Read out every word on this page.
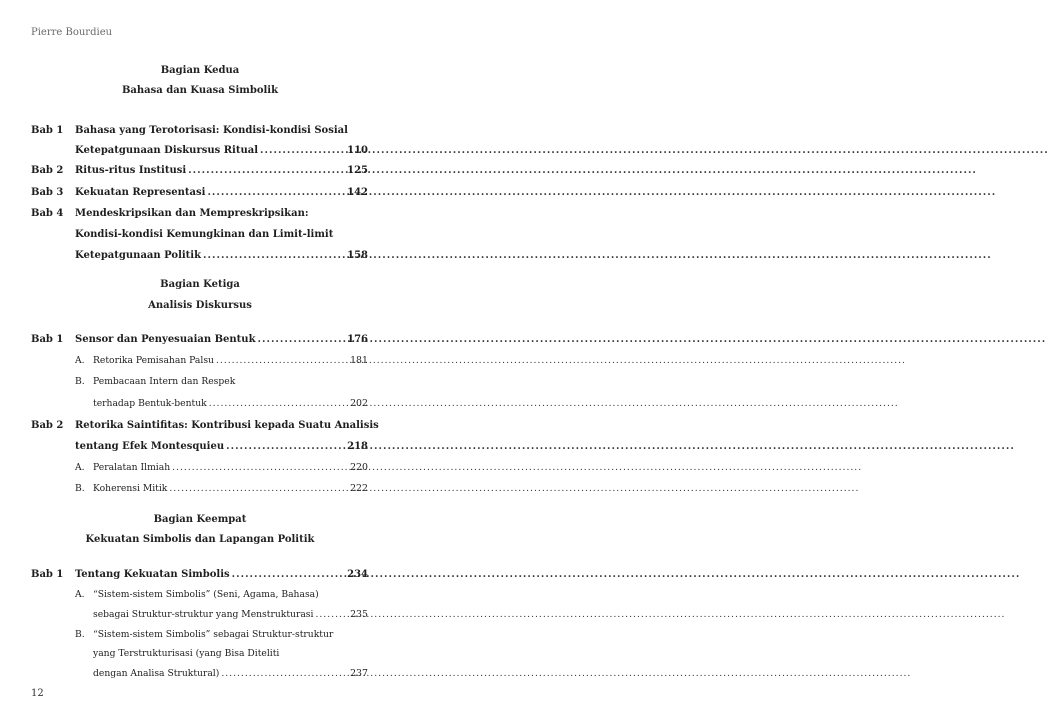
Pierre Bourdieu
Bagian Kedua
Bahasa dan Kuasa Simbolik
Bab 1	Bahasa yang Terotorisasi: Kondisi-kondisi Sosial
Ketepatgunaan Diskursus Ritual .....	110
Bab 2	Ritus-ritus Institusi .....	125
Bab 3	Kekuatan Representasi .....	142
Bab 4	Mendeskripsikan dan Mempreskripsikan:
Kondisi-kondisi Kemungkinan dan Limit-limit
Ketepatgunaan Politik .....	158
Bagian Ketiga
Analisis Diskursus
Bab 1	Sensor dan Penyesuaian Bentuk .....	176
A. Retorika Pemisahan Palsu .....	181
B. Pembacaan Intern dan Respek
terhadap Bentuk-bentuk .....	202
Bab 2	Retorika Saintifitas: Kontribusi kepada Suatu Analisis
tentang Efek Montesquieu .....	218
A. Peralatan Ilmiah .....	220
B. Koherensi Mitik .....	222
Bagian Keempat
Kekuatan Simbolis dan Lapangan Politik
Bab 1	Tentang Kekuatan Simbolis .....	234
A. “Sistem-sistem Simbolis” (Seni, Agama, Bahasa)
sebagai Struktur-struktur yang Menstrukturasi .....	235
B. “Sistem-sistem Simbolis” sebagai Struktur-struktur
yang Terstrukturisasi (yang Bisa Diteliti
dengan Analisa Struktural) .....	237
12
